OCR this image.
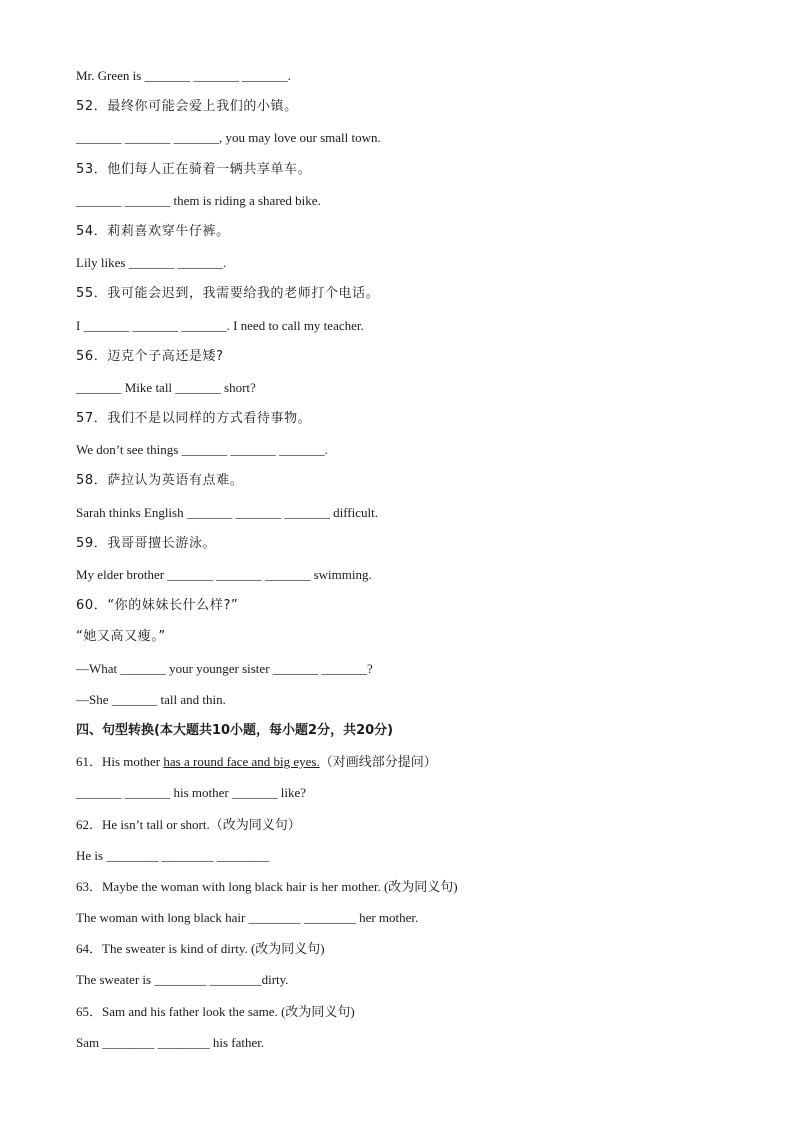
Mr. Green is _______ _______ _______.
52．最终你可能会爱上我们的小镇。
_______ _______ _______, you may love our small town.
53．他们每人正在骑着一辆共享单车。
_______ _______ them is riding a shared bike.
54．莉莉喜欢穿牛仔裤。
Lily likes _______ _______.
55．我可能会迟到，我需要给我的老师打个电话。
I _______ _______ _______. I need to call my teacher.
56．迈克个子高还是矮?
_______ Mike tall _______ short?
57．我们不是以同样的方式看待事物。
We don’t see things _______ _______ _______.
58．萨拉认为英语有点难。
Sarah thinks English _______ _______ _______ difficult.
59．我哥哥擅长游泳。
My elder brother _______ _______ _______ swimming.
60．“你的妹妹长什么样?”
“她又高又瘦。”
—What _______ your younger sister _______ _______?
—She _______ tall and thin.
四、句型转换(本大题共10小题，每小题2分，共20分)
61．His mother has a round face and big eyes.（对画线部分提问）
_______ _______ his mother _______ like?
62．He isn’t tall or short.（改为同义句）
He is ________ ________ ________
63．Maybe the woman with long black hair is her mother. (改为同义句)
The woman with long black hair ________ ________ her mother.
64．The sweater is kind of dirty. (改为同义句)
The sweater is ________ ________dirty.
65．Sam and his father look the same. (改为同义句)
Sam ________ ________ his father.
